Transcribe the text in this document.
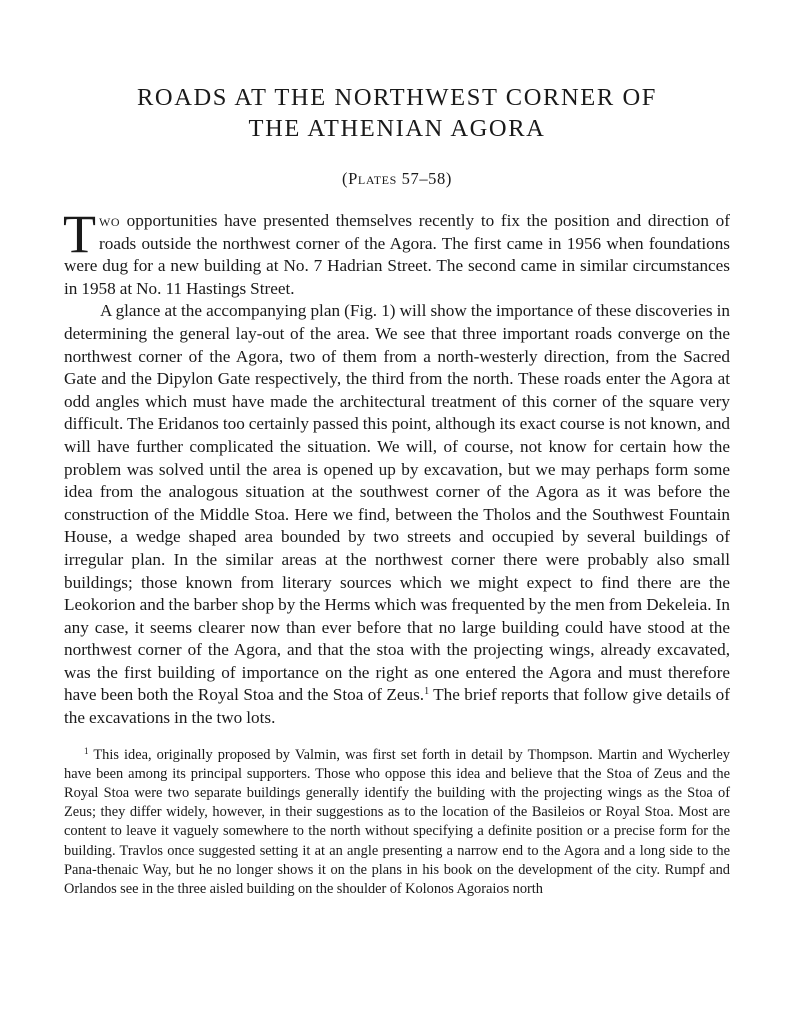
ROADS AT THE NORTHWEST CORNER OF
THE ATHENIAN AGORA
(Plates 57–58)

Two opportunities have presented themselves recently to fix the position and direction of roads outside the northwest corner of the Agora. The first came in 1956 when foundations were dug for a new building at No. 7 Hadrian Street. The second came in similar circumstances in 1958 at No. 11 Hastings Street.

A glance at the accompanying plan (Fig. 1) will show the importance of these discoveries in determining the general lay-out of the area. We see that three important roads converge on the northwest corner of the Agora, two of them from a north-westerly direction, from the Sacred Gate and the Dipylon Gate respectively, the third from the north. These roads enter the Agora at odd angles which must have made the architectural treatment of this corner of the square very difficult. The Eridanos too certainly passed this point, although its exact course is not known, and will have further complicated the situation. We will, of course, not know for certain how the problem was solved until the area is opened up by excavation, but we may perhaps form some idea from the analogous situation at the southwest corner of the Agora as it was before the construction of the Middle Stoa. Here we find, between the Tholos and the Southwest Fountain House, a wedge shaped area bounded by two streets and occupied by several buildings of irregular plan. In the similar areas at the northwest corner there were probably also small buildings; those known from literary sources which we might expect to find there are the Leokorion and the barber shop by the Herms which was frequented by the men from Dekeleia. In any case, it seems clearer now than ever before that no large building could have stood at the northwest corner of the Agora, and that the stoa with the projecting wings, already excavated, was the first building of importance on the right as one entered the Agora and must therefore have been both the Royal Stoa and the Stoa of Zeus.$^1$ The brief reports that follow give details of the excavations in the two lots.

$^1$ This idea, originally proposed by Valmin, was first set forth in detail by Thompson. Martin and Wycherley have been among its principal supporters. Those who oppose this idea and believe that the Stoa of Zeus and the Royal Stoa were two separate buildings generally identify the building with the projecting wings as the Stoa of Zeus; they differ widely, however, in their suggestions as to the location of the Basileios or Royal Stoa. Most are content to leave it vaguely somewhere to the north without specifying a definite position or a precise form for the building. Travlos once suggested setting it at an angle presenting a narrow end to the Agora and a long side to the Pana-thenaic Way, but he no longer shows it on the plans in his book on the development of the city. Rumpf and Orlandos see in the three aisled building on the shoulder of Kolonos Agoraios north
